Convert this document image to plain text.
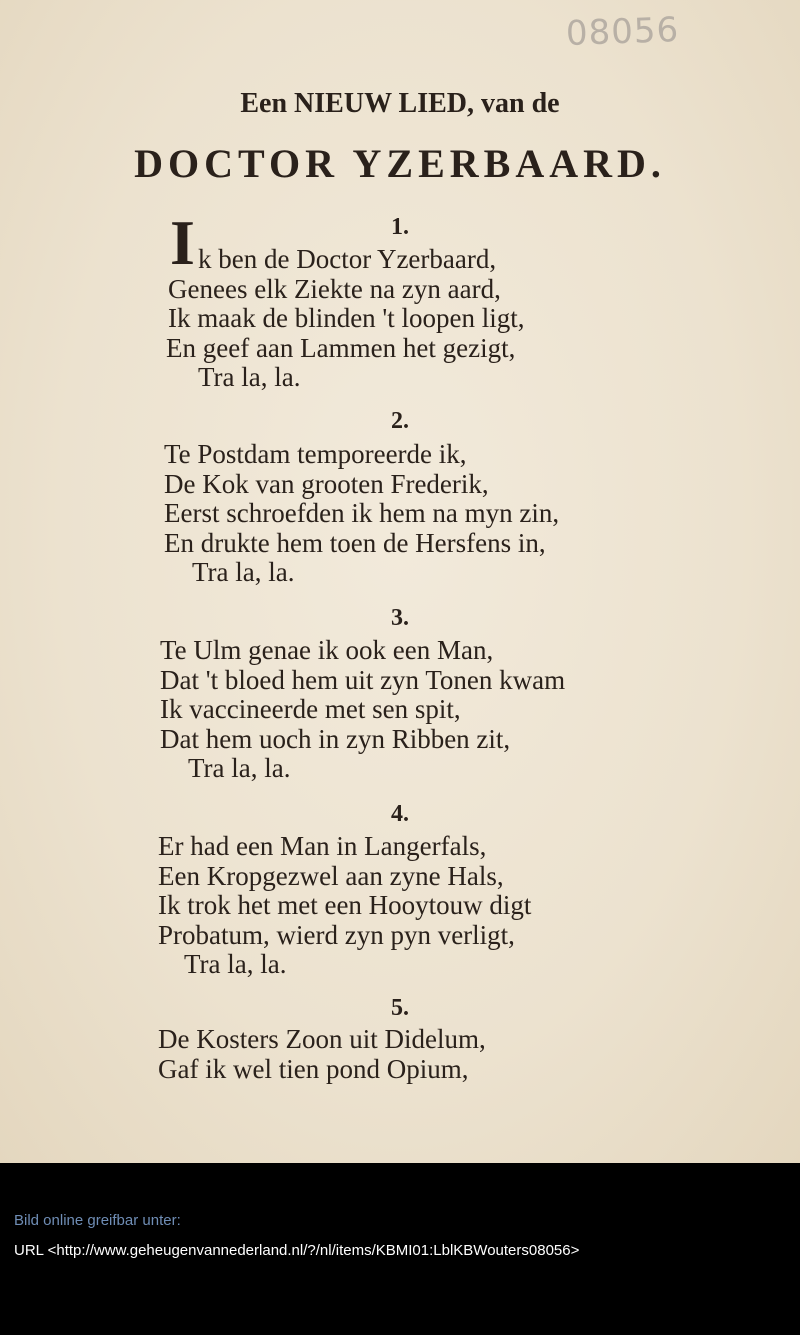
08056
Een NIEUW LIED, van de
DOCTOR YZERBAARD.
1.
I k ben de Doctor Yzerbaard,
Genees elk Ziekte na zyn aard,
Ik maak de blinden 't loopen ligt,
En geef aan Lammen het gezigt,
Tra la, la.
2.
Te Postdam temporeerde ik,
De Kok van grooten Frederik,
Eerst schroefden ik hem na myn zin,
En drukte hem toen de Hersfens in,
Tra la, la.
3.
Te Ulm genae ik ook een Man,
Dat 't bloed hem uit zyn Tonen kwam
Ik vaccineerde met sen spit,
Dat hem uoch in zyn Ribben zit,
Tra la, la.
4.
Er had een Man in Langerfals,
Een Kropgezwel aan zyne Hals,
Ik trok het met een Hooytouw digt
Probatum, wierd zyn pyn verligt,
Tra la, la.
5.
De Kosters Zoon uit Didelum,
Gaf ik wel tien pond Opium,
Bild online greifbar unter:
URL <http://www.geheugenvannederland.nl/?/nl/items/KBMI01:LblKBWouters08056>
